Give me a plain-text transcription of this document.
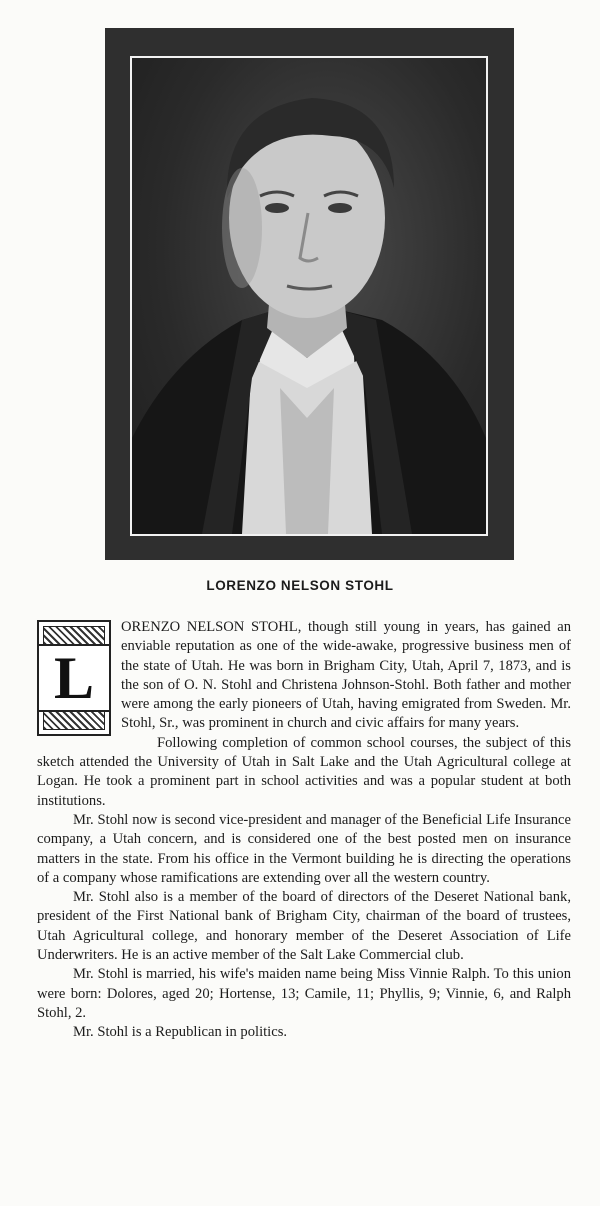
LORENZO NELSON STOHL
L

ORENZO NELSON STOHL, though still young in years, has gained an enviable reputation as one of the wide-awake, progressive business men of the state of Utah. He was born in Brigham City, Utah, April 7, 1873, and is the son of O. N. Stohl and Christena Johnson-Stohl. Both father and mother were among the early pioneers of Utah, having emigrated from Sweden. Mr. Stohl, Sr., was prominent in church and civic affairs for many years.

Following completion of common school courses, the subject of this sketch attended the University of Utah in Salt Lake and the Utah Agricultural college at Logan. He took a prominent part in school activities and was a popular student at both institutions.

Mr. Stohl now is second vice-president and manager of the Beneficial Life Insurance company, a Utah concern, and is considered one of the best posted men on insurance matters in the state. From his office in the Vermont building he is directing the operations of a company whose ramifications are extending over all the western country.

Mr. Stohl also is a member of the board of directors of the Deseret National bank, president of the First National bank of Brigham City, chairman of the board of trustees, Utah Agricultural college, and honorary member of the Deseret Association of Life Underwriters. He is an active member of the Salt Lake Commercial club.

Mr. Stohl is married, his wife's maiden name being Miss Vinnie Ralph. To this union were born: Dolores, aged 20; Hortense, 13; Camile, 11; Phyllis, 9; Vinnie, 6, and Ralph Stohl, 2.

Mr. Stohl is a Republican in politics.
